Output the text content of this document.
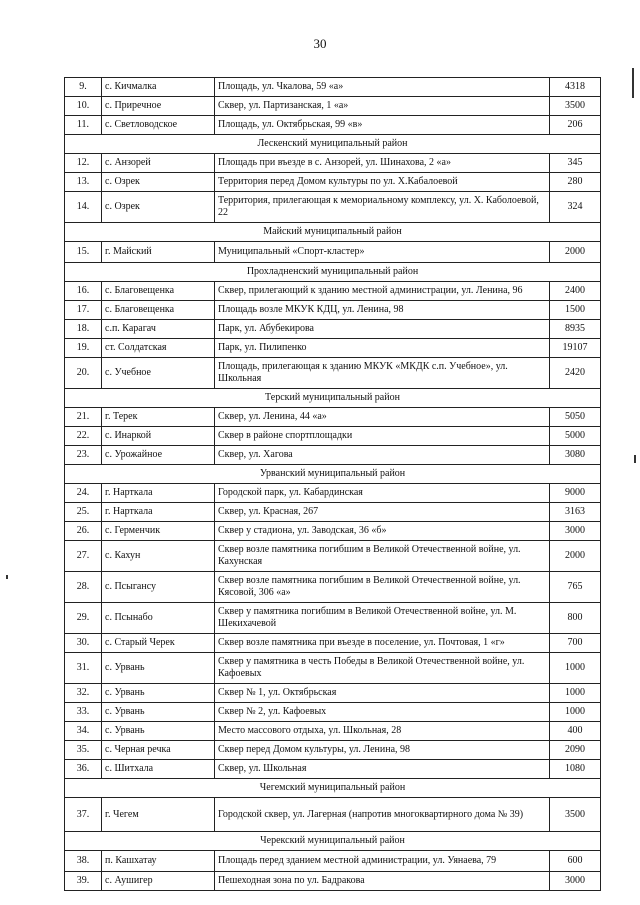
30
9.	с. Кичмалка	Площадь, ул. Чкалова, 59 «а»	4318
10.	с. Приречное	Сквер, ул. Партизанская, 1 «а»	3500
11.	с. Светловодское	Площадь, ул. Октябрьская, 99 «в»	206
Лескенский муниципальный район			
12.	с. Анзорей	Площадь при въезде в с. Анзорей, ул. Шинахова, 2 «а»	345
13.	с. Озрек	Территория перед Домом культуры по ул. Х.Кабалоевой	280
14.	с. Озрек	Территория, прилегающая к мемориальному комплексу, ул. Х. Каболоевой, 22	324
Майский муниципальный район			
15.	г. Майский	Муниципальный «Спорт-кластер»	2000
Прохладненский муниципальный район			
16.	с. Благовещенка	Сквер, прилегающий к зданию местной администрации, ул. Ленина, 96	2400
17.	с. Благовещенка	Площадь возле МКУК КДЦ, ул. Ленина, 98	1500
18.	с.п. Карагач	Парк, ул. Абубекирова	8935
19.	ст. Солдатская	Парк, ул. Пилипенко	19107
20.	с. Учебное	Площадь, прилегающая к зданию МКУК «МКДК с.п. Учебное», ул. Школьная	2420
Терский муниципальный район			
21.	г. Терек	Сквер, ул. Ленина, 44 «а»	5050
22.	с. Инаркой	Сквер в районе спортплощадки	5000
23.	с. Урожайное	Сквер, ул. Хагова	3080
Урванский муниципальный район			
24.	г. Нарткала	Городской парк, ул. Кабардинская	9000
25.	г. Нарткала	Сквер, ул. Красная, 267	3163
26.	с. Герменчик	Сквер у стадиона, ул. Заводская, 36 «б»	3000
27.	с. Кахун	Сквер возле памятника погибшим в Великой Отечественной войне, ул. Кахунская	2000
28.	с. Псыгансу	Сквер возле памятника погибшим в Великой Отечественной войне, ул. Кясовой, 306 «а»	765
29.	с. Псынабо	Сквер у памятника погибшим в Великой Отечественной войне, ул. М. Шекихачевой	800
30.	с. Старый Черек	Сквер возле памятника при въезде в поселение, ул. Почтовая, 1 «г»	700
31.	с. Урвань	Сквер у памятника в честь Победы в Великой Отечественной войне, ул. Кафоевых	1000
32.	с. Урвань	Сквер № 1, ул. Октябрьская	1000
33.	с. Урвань	Сквер № 2, ул. Кафоевых	1000
34.	с. Урвань	Место массового отдыха, ул. Школьная, 28	400
35.	с. Черная речка	Сквер перед Домом культуры, ул. Ленина, 98	2090
36.	с. Шитхала	Сквер, ул. Школьная	1080
Чегемский муниципальный район			
37.	г. Чегем	Городской сквер, ул. Лагерная (напротив многоквартирного дома № 39)	3500
Черекский муниципальный район			
38.	п. Кашхатау	Площадь перед зданием местной администрации, ул. Уянаева, 79	600
39.	с. Аушигер	Пешеходная зона по ул. Бадракова	3000
